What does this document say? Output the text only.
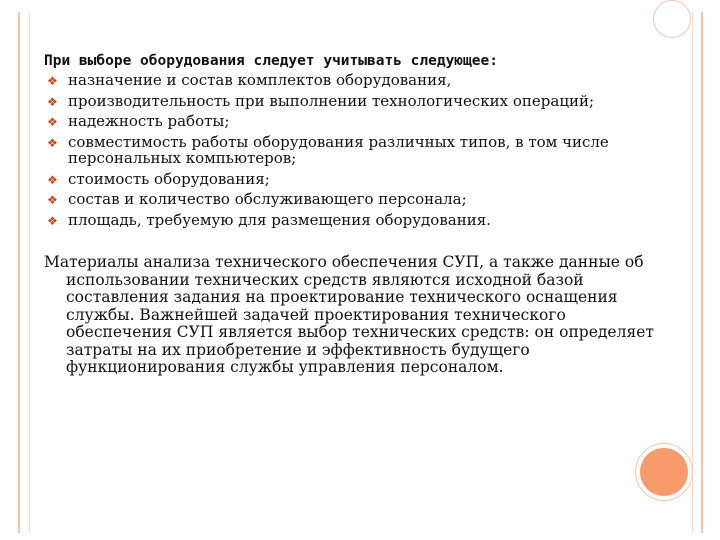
При выборе оборудования следует учитывать следующее:
❖ назначение и состав комплектов оборудования,
❖ производительность при выполнении технологических операций;
❖ надежность работы;
❖ совместимость работы оборудования различных типов, в том числе персональных компьютеров;
❖ стоимость оборудования;
❖ состав и количество обслуживающего персонала;
❖ площадь, требуемую для размещения оборудования.
Материалы анализа технического обеспечения СУП, а также данные об использовании технических средств являются исходной базой составления задания на проектирование технического оснащения службы. Важнейшей задачей проектирования технического обеспечения СУП является выбор технических средств: он определяет затраты на их приобретение и эффективность будущего функционирования службы управления персоналом.
